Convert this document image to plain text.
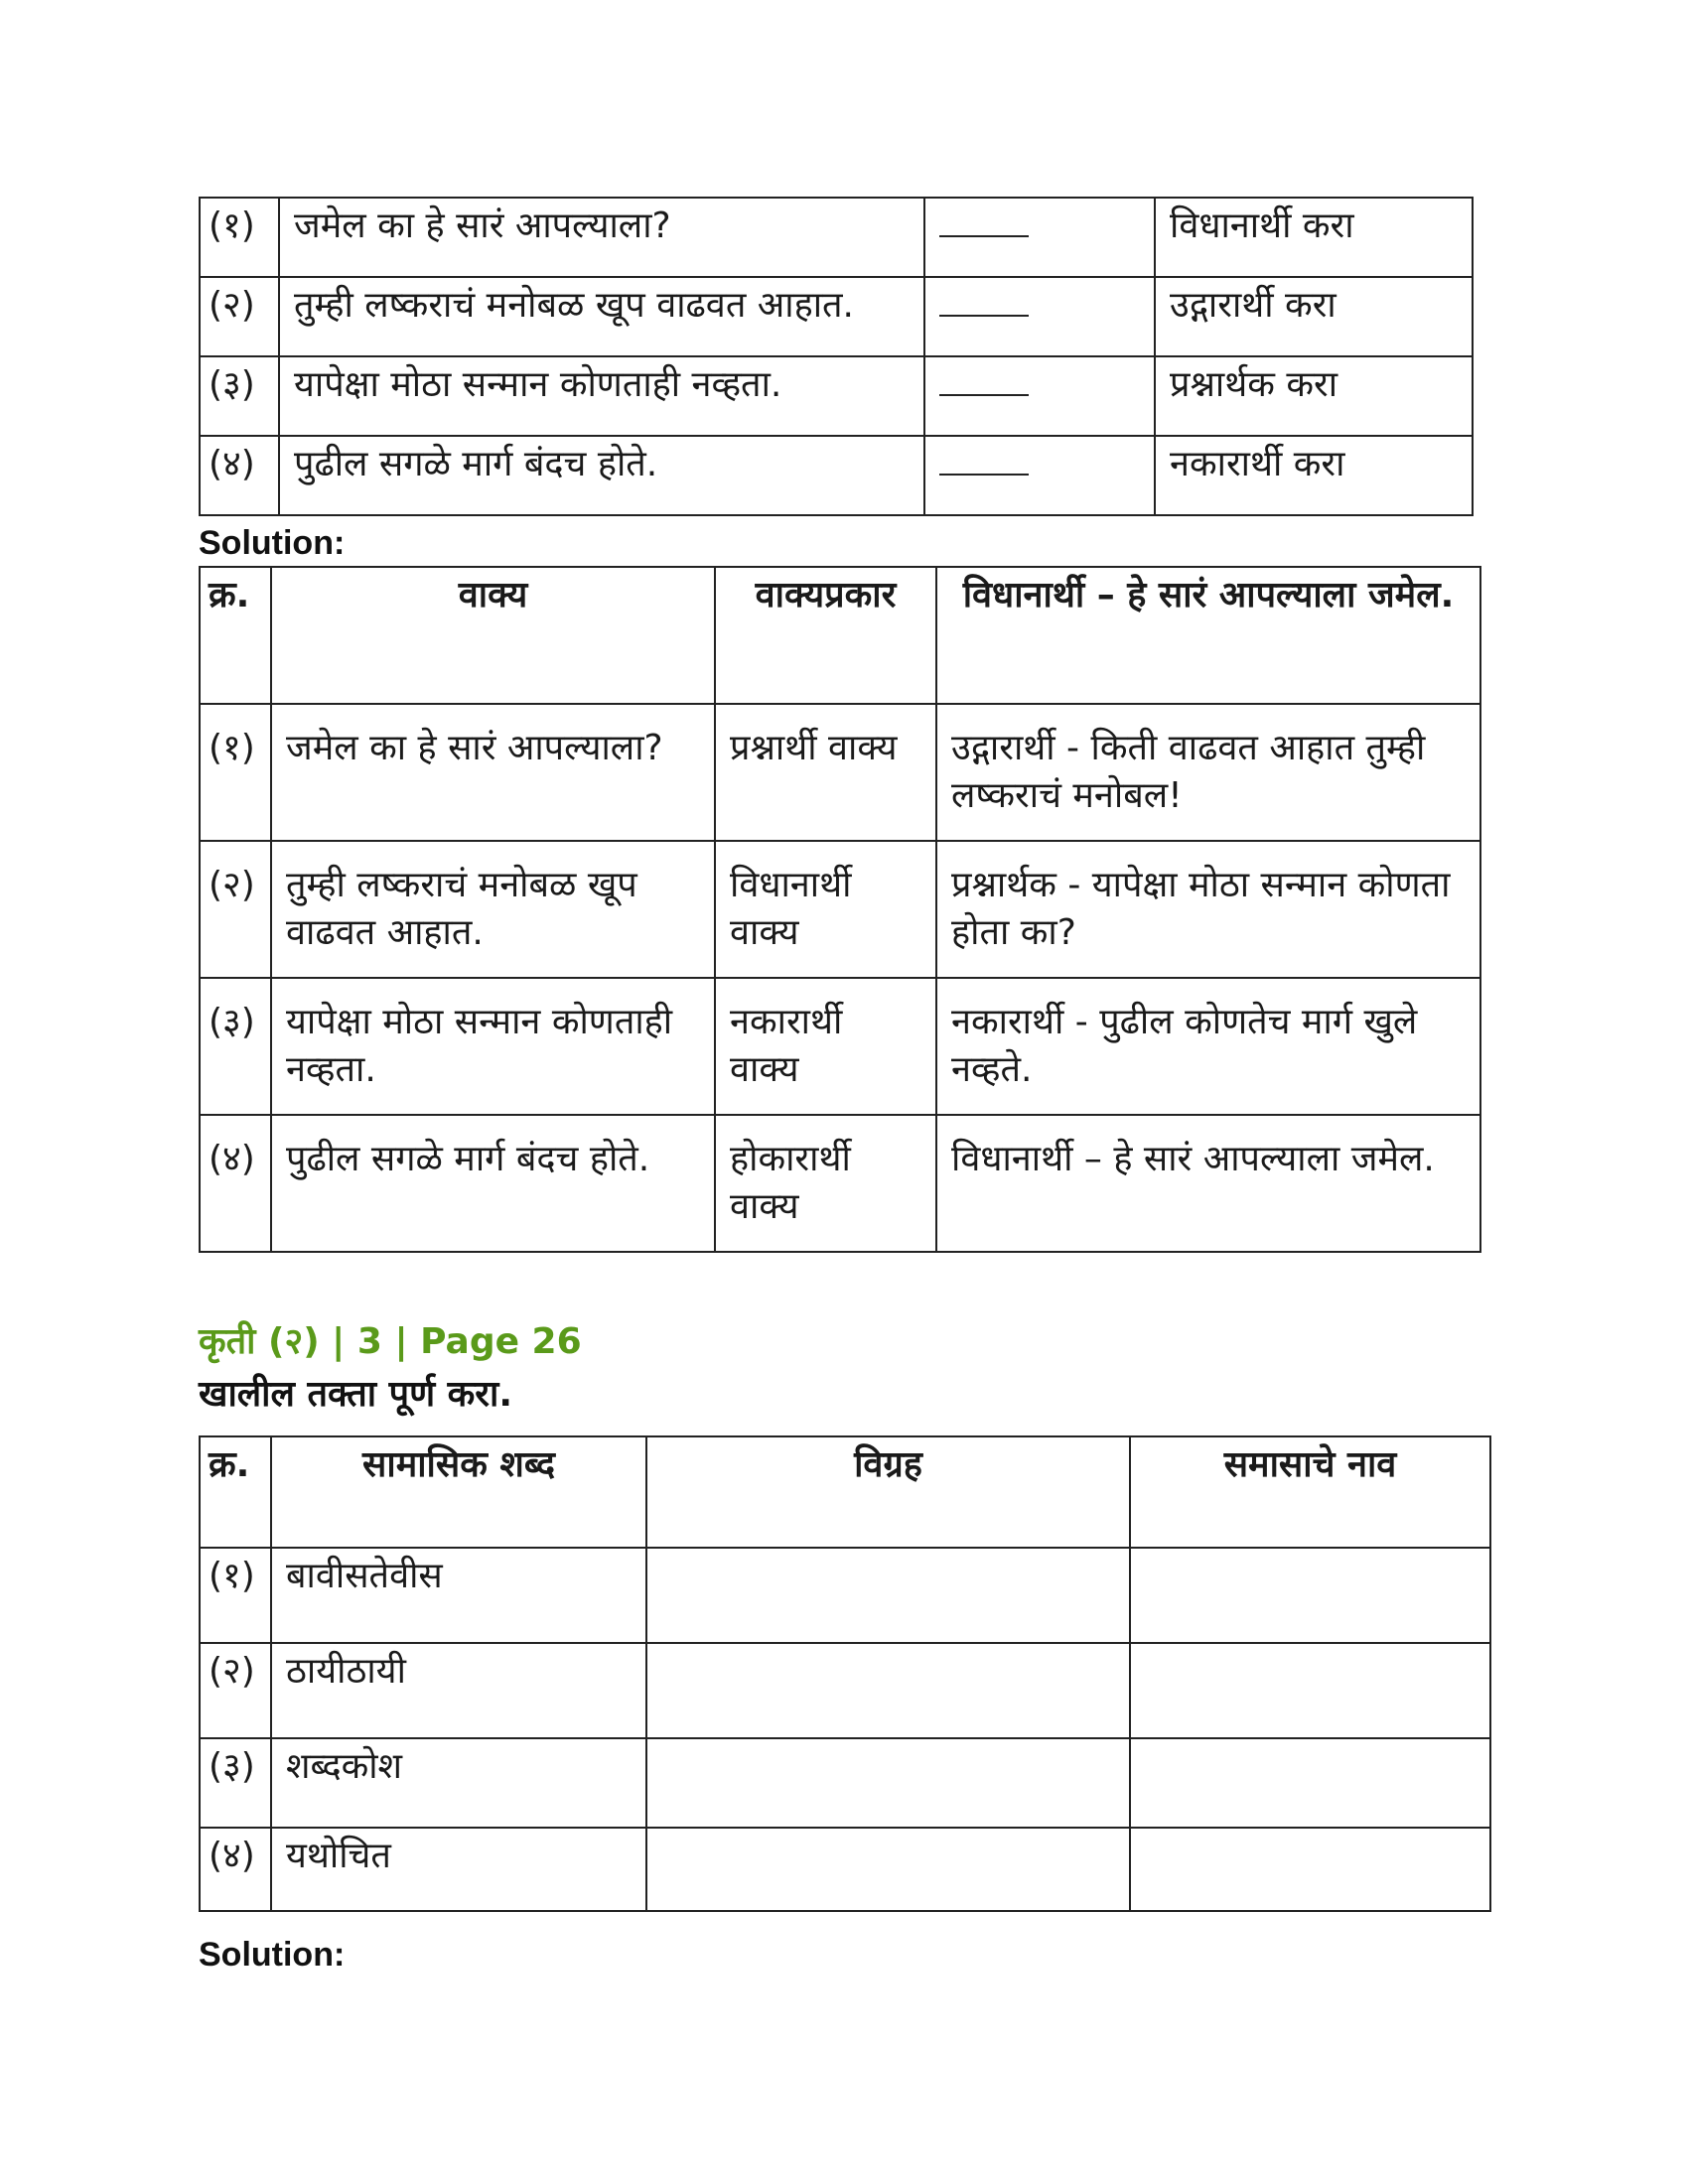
(१)	जमेल का हे सारं आपल्याला?		विधानार्थी करा
(२)	तुम्ही लष्कराचं मनोबळ खूप वाढवत आहात.		उद्गारार्थी करा
(३)	यापेक्षा मोठा सन्मान कोणताही नव्हता.		प्रश्नार्थक करा
(४)	पुढील सगळे मार्ग बंदच होते.		नकारार्थी करा
Solution:
क्र.	वाक्य	वाक्यप्रकार	विधानार्थी – हे सारं आपल्याला जमेल.
(१)	जमेल का हे सारं आपल्याला?	प्रश्नार्थी वाक्य	उद्गारार्थी - किती वाढवत आहात तुम्ही लष्कराचं मनोबल!
(२)	तुम्ही लष्कराचं मनोबळ खूप वाढवत आहात.	विधानार्थी वाक्य	प्रश्नार्थक - यापेक्षा मोठा सन्मान कोणता होता का?
(३)	यापेक्षा मोठा सन्मान कोणताही नव्हता.	नकारार्थी वाक्य	नकारार्थी - पुढील कोणतेच मार्ग खुले नव्हते.
(४)	पुढील सगळे मार्ग बंदच होते.	होकारार्थी वाक्य	विधानार्थी – हे सारं आपल्याला जमेल.
कृती (२) | 3 | Page 26
खालील तक्ता पूर्ण करा.
क्र.	सामासिक शब्द	विग्रह	समासाचे नाव
(१)	बावीसतेवीस		
(२)	ठायीठायी		
(३)	शब्दकोश		
(४)	यथोचित		
Solution:
